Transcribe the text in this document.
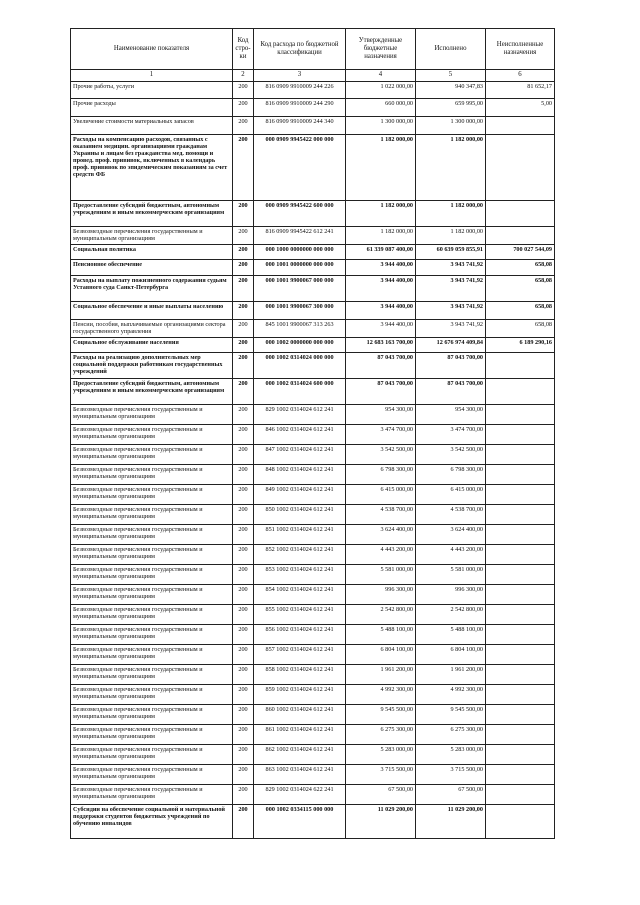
Наименование показателя	Код стро-ки	Код расхода по бюджетной классификации	Утвержденные бюджетные назначения	Исполнено	Неисполненные назначения
1	2	3	4	5	6
Прочие работы, услуги	200	816 0909 9910009 244 226	1 022 000,00	940 347,83	81 652,17
Прочие расходы	200	816 0909 9910009 244 290	660 000,00	659 995,00	5,00
Увеличение стоимости материальных запасов	200	816 0909 9910009 244 340	1 300 000,00	1 300 000,00	
Расходы на компенсацию расходов, связанных с оказанием медицин. организациями гражданам Украины и лицам без гражданства мед. помощи и провед. проф. прививок, включенных в календарь проф. прививок по эпидемическим показаниям за счет средств ФБ	200	000 0909 9945422 000 000	1 182 000,00	1 182 000,00	
Предоставление субсидий бюджетным, автономным учреждениям и иным некоммерческим организациям	200	000 0909 9945422 600 000	1 182 000,00	1 182 000,00	
Безвозмездные перечисления государственным и муниципальным организациям	200	816 0909 9945422 612 241	1 182 000,00	1 182 000,00	
Социальная политика	200	000 1000 0000000 000 000	61 339 087 400,00	60 639 059 855,91	700 027 544,09
Пенсионное обеспечение	200	000 1001 0000000 000 000	3 944 400,00	3 943 741,92	658,08
Расходы на выплату пожизненного содержания судьям Уставного суда Санкт-Петербурга	200	000 1001 9900067 000 000	3 944 400,00	3 943 741,92	658,08
Социальное обеспечение и иные выплаты населению	200	000 1001 9900067 300 000	3 944 400,00	3 943 741,92	658,08
Пенсии, пособия, выплачиваемые организациями сектора государственного управления	200	845 1001 9900067 313 263	3 944 400,00	3 943 741,92	658,08
Социальное обслуживание населения	200	000 1002 0000000 000 000	12 683 163 700,00	12 676 974 409,84	6 189 290,16
Расходы на реализацию дополнительных мер социальной поддержки работникам государственных учреждений	200	000 1002 0314024 000 000	87 043 700,00	87 043 700,00	
Предоставление субсидий бюджетным, автономным учреждениям и иным некоммерческим организациям	200	000 1002 0314024 600 000	87 043 700,00	87 043 700,00	
Безвозмездные перечисления государственным и муниципальным организациям	200	829 1002 0314024 612 241	954 300,00	954 300,00	
Безвозмездные перечисления государственным и муниципальным организациям	200	846 1002 0314024 612 241	3 474 700,00	3 474 700,00	
Безвозмездные перечисления государственным и муниципальным организациям	200	847 1002 0314024 612 241	3 542 500,00	3 542 500,00	
Безвозмездные перечисления государственным и муниципальным организациям	200	848 1002 0314024 612 241	6 798 300,00	6 798 300,00	
Безвозмездные перечисления государственным и муниципальным организациям	200	849 1002 0314024 612 241	6 415 000,00	6 415 000,00	
Безвозмездные перечисления государственным и муниципальным организациям	200	850 1002 0314024 612 241	4 538 700,00	4 538 700,00	
Безвозмездные перечисления государственным и муниципальным организациям	200	851 1002 0314024 612 241	3 624 400,00	3 624 400,00	
Безвозмездные перечисления государственным и муниципальным организациям	200	852 1002 0314024 612 241	4 443 200,00	4 443 200,00	
Безвозмездные перечисления государственным и муниципальным организациям	200	853 1002 0314024 612 241	5 581 000,00	5 581 000,00	
Безвозмездные перечисления государственным и муниципальным организациям	200	854 1002 0314024 612 241	996 300,00	996 300,00	
Безвозмездные перечисления государственным и муниципальным организациям	200	855 1002 0314024 612 241	2 542 800,00	2 542 800,00	
Безвозмездные перечисления государственным и муниципальным организациям	200	856 1002 0314024 612 241	5 488 100,00	5 488 100,00	
Безвозмездные перечисления государственным и муниципальным организациям	200	857 1002 0314024 612 241	6 804 100,00	6 804 100,00	
Безвозмездные перечисления государственным и муниципальным организациям	200	858 1002 0314024 612 241	1 961 200,00	1 961 200,00	
Безвозмездные перечисления государственным и муниципальным организациям	200	859 1002 0314024 612 241	4 992 300,00	4 992 300,00	
Безвозмездные перечисления государственным и муниципальным организациям	200	860 1002 0314024 612 241	9 545 500,00	9 545 500,00	
Безвозмездные перечисления государственным и муниципальным организациям	200	861 1002 0314024 612 241	6 275 300,00	6 275 300,00	
Безвозмездные перечисления государственным и муниципальным организациям	200	862 1002 0314024 612 241	5 283 000,00	5 283 000,00	
Безвозмездные перечисления государственным и муниципальным организациям	200	863 1002 0314024 612 241	3 715 500,00	3 715 500,00	
Безвозмездные перечисления государственным и муниципальным организациям	200	829 1002 0314024 622 241	67 500,00	67 500,00	
Субсидии на обеспечение социальной и материальной поддержки студентов бюджетных учреждений по обучению инвалидов	200	000 1002 0334115 000 000	11 029 200,00	11 029 200,00	
